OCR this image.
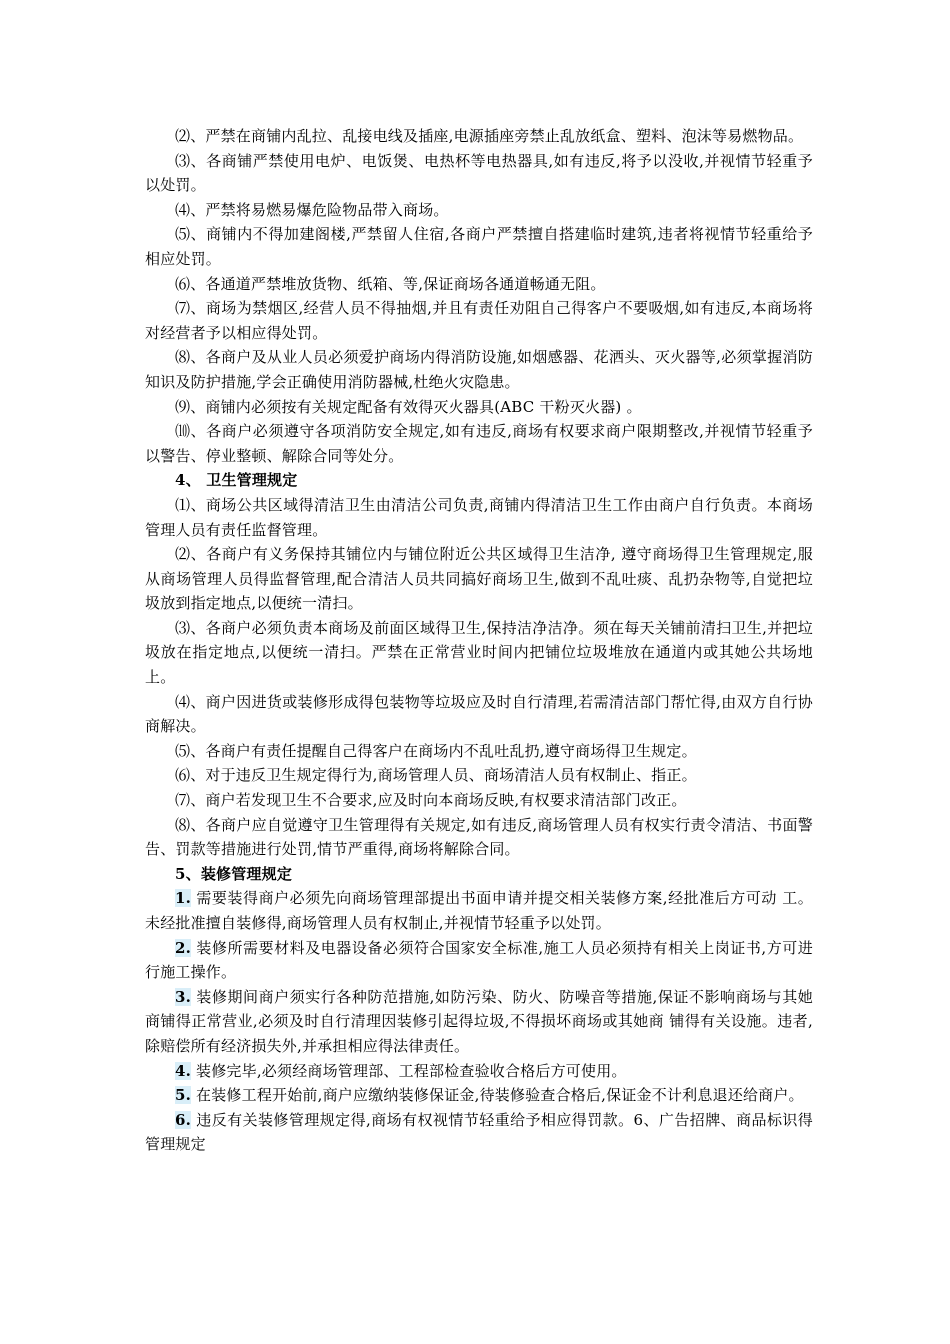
⑵、严禁在商铺内乱拉、乱接电线及插座,电源插座旁禁止乱放纸盒、塑料、泡沫等易燃物品。

⑶、各商铺严禁使用电炉、电饭煲、电热杯等电热器具,如有违反,将予以没收,并视情节轻重予以处罚。

⑷、严禁将易燃易爆危险物品带入商场。

⑸、商铺内不得加建阁楼,严禁留人住宿,各商户严禁擅自搭建临时建筑,违者将视情节轻重给予相应处罚。

⑹、各通道严禁堆放货物、纸箱、等,保证商场各通道畅通无阻。

⑺、商场为禁烟区,经营人员不得抽烟,并且有责任劝阻自己得客户不要吸烟,如有违反,本商场将对经营者予以相应得处罚。

⑻、各商户及从业人员必须爱护商场内得消防设施,如烟感器、花洒头、灭火器等,必须掌握消防知识及防护措施,学会正确使用消防器械,杜绝火灾隐患。

⑼、商铺内必须按有关规定配备有效得灭火器具(ABC 干粉灭火器) 。

⑽、各商户必须遵守各项消防安全规定,如有违反,商场有权要求商户限期整改,并视情节轻重予以警告、停业整顿、解除合同等处分。

4、 卫生管理规定

⑴、商场公共区域得清洁卫生由清洁公司负责,商铺内得清洁卫生工作由商户自行负责。本商场管理人员有责任监督管理。

⑵、各商户有义务保持其铺位内与铺位附近公共区域得卫生洁净, 遵守商场得卫生管理规定,服从商场管理人员得监督管理,配合清洁人员共同搞好商场卫生,做到不乱吐痰、乱扔杂物等,自觉把垃圾放到指定地点,以便统一清扫。

⑶、各商户必须负责本商场及前面区域得卫生,保持洁净洁净。须在每天关铺前清扫卫生,并把垃圾放在指定地点,以便统一清扫。严禁在正常营业时间内把铺位垃圾堆放在通道内或其她公共场地上。

⑷、商户因进货或装修形成得包装物等垃圾应及时自行清理,若需清洁部门帮忙得,由双方自行协商解决。

⑸、各商户有责任提醒自己得客户在商场内不乱吐乱扔,遵守商场得卫生规定。

⑹、对于违反卫生规定得行为,商场管理人员、商场清洁人员有权制止、指正。

⑺、商户若发现卫生不合要求,应及时向本商场反映,有权要求清洁部门改正。

⑻、各商户应自觉遵守卫生管理得有关规定,如有违反,商场管理人员有权实行责令清洁、书面警告、罚款等措施进行处罚,情节严重得,商场将解除合同。

5、装修管理规定

1. 需要装得商户必须先向商场管理部提出书面申请并提交相关装修方案,经批准后方可动 工。未经批准擅自装修得,商场管理人员有权制止,并视情节轻重予以处罚。

2. 装修所需要材料及电器设备必须符合国家安全标准,施工人员必须持有相关上岗证书,方可进行施工操作。

3. 装修期间商户须实行各种防范措施,如防污染、防火、防噪音等措施,保证不影响商场与其她商铺得正常营业,必须及时自行清理因装修引起得垃圾,不得损坏商场或其她商 铺得有关设施。违者,除赔偿所有经济损失外,并承担相应得法律责任。

4. 装修完毕,必须经商场管理部、工程部检查验收合格后方可使用。

5. 在装修工程开始前,商户应缴纳装修保证金,待装修验查合格后,保证金不计利息退还给商户。

6. 违反有关装修管理规定得,商场有权视情节轻重给予相应得罚款。6、广告招牌、商品标识得管理规定
